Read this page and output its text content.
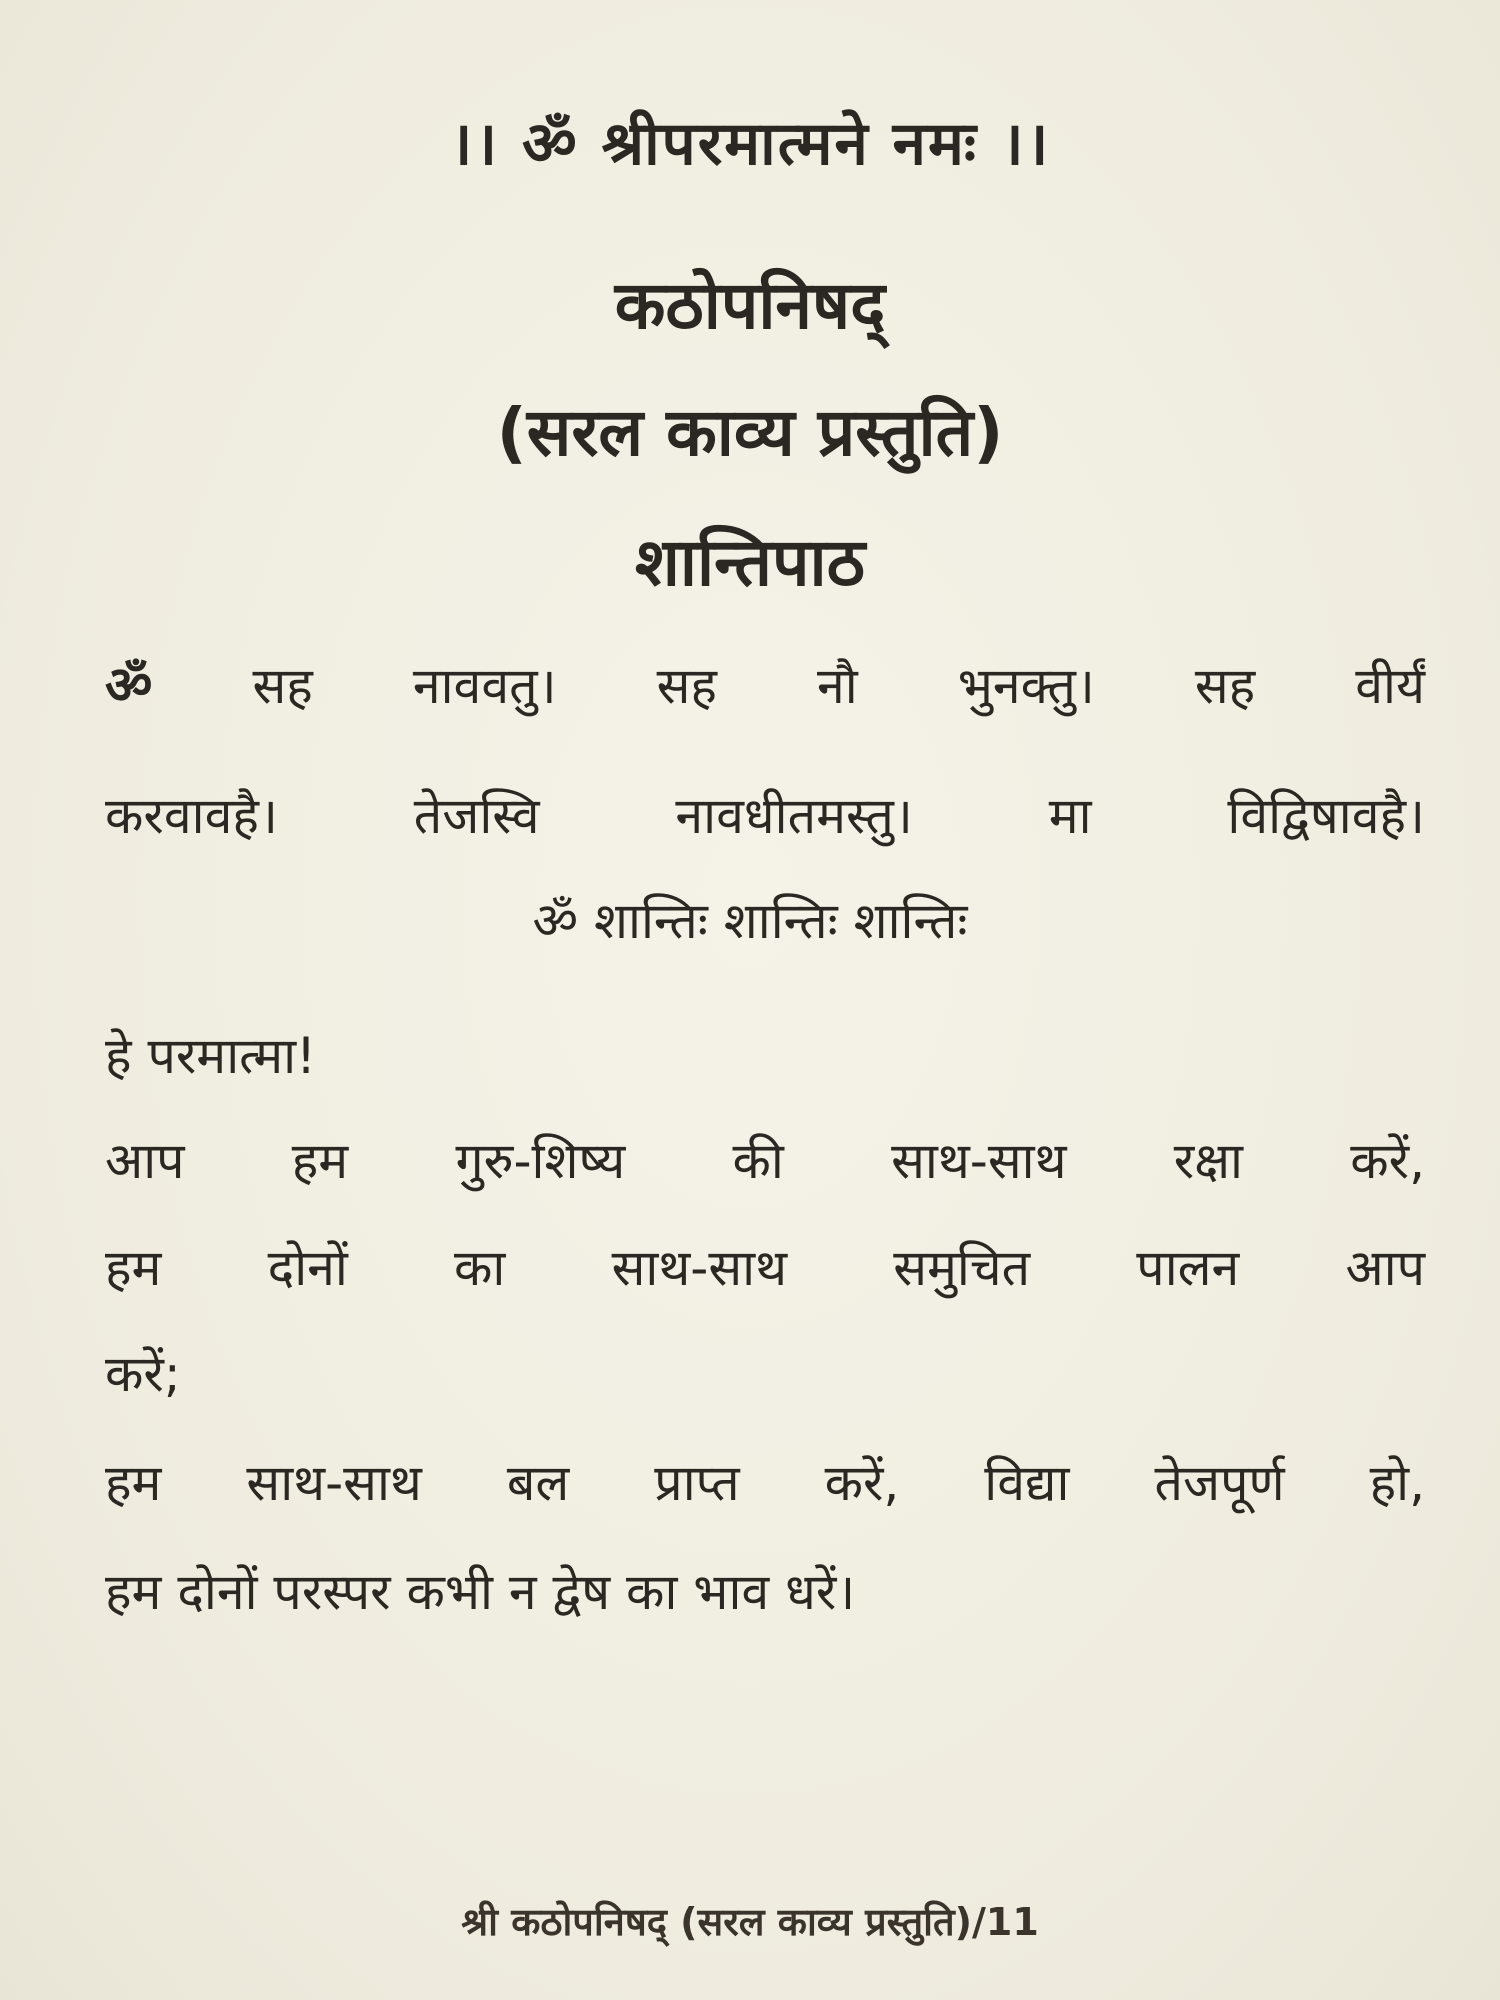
।। ॐ श्रीपरमात्मने नमः ।।
कठोपनिषद्
(सरल काव्य प्रस्तुति)
शान्तिपाठ
ॐ सह नाववतु। सह नौ भुनक्तु। सह वीर्यं
करवावहै। तेजस्वि नावधीतमस्तु। मा विद्विषावहै।
ॐ शान्तिः शान्तिः शान्तिः
हे परमात्मा!
आप हम गुरु-शिष्य की साथ-साथ रक्षा करें,
हम दोनों का साथ-साथ समुचित पालन आप
करें;
हम साथ-साथ बल प्राप्त करें, विद्या तेजपूर्ण हो,
हम दोनों परस्पर कभी न द्वेष का भाव धरें।
श्री कठोपनिषद् (सरल काव्य प्रस्तुति)/11
